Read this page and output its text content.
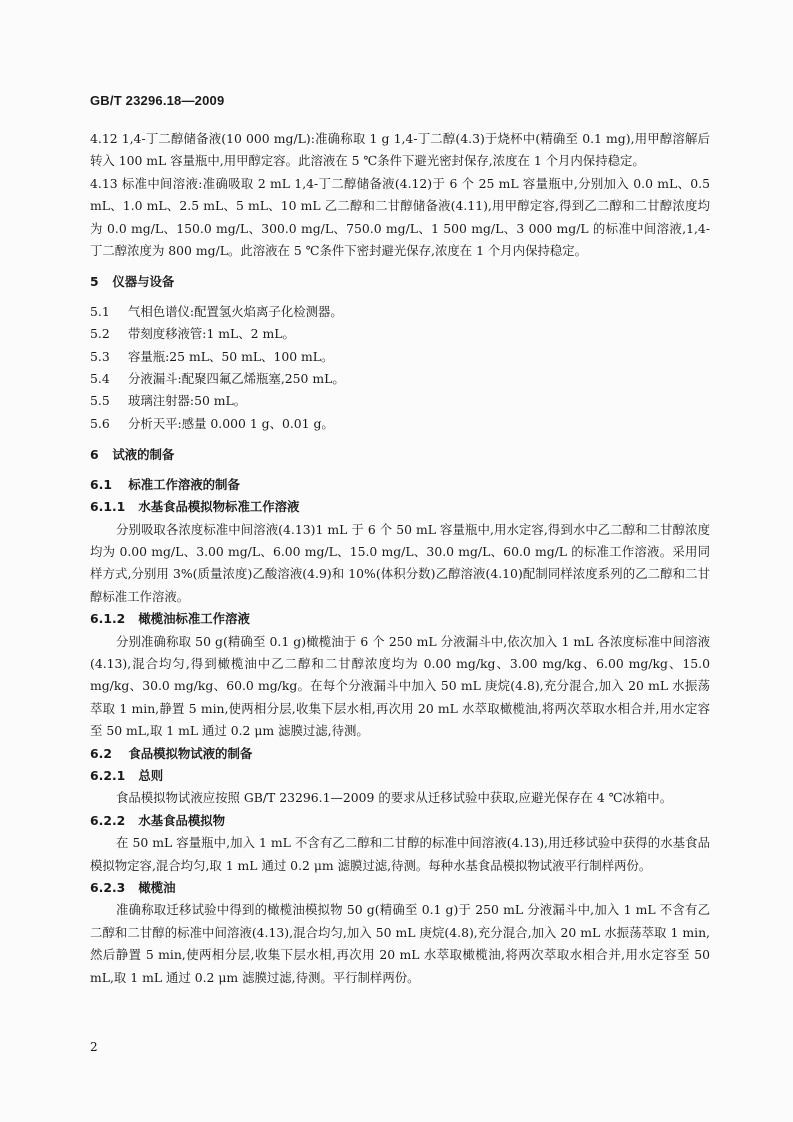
GB/T 23296.18—2009

4.12 1,4-丁二醇储备液(10 000 mg/L):准确称取 1 g 1,4-丁二醇(4.3)于烧杯中(精确至 0.1 mg),用甲醇溶解后转入 100 mL 容量瓶中,用甲醇定容。此溶液在 5 ℃条件下避光密封保存,浓度在 1 个月内保持稳定。

4.13 标准中间溶液:准确吸取 2 mL 1,4-丁二醇储备液(4.12)于 6 个 25 mL 容量瓶中,分别加入 0.0 mL、0.5 mL、1.0 mL、2.5 mL、5 mL、10 mL 乙二醇和二甘醇储备液(4.11),用甲醇定容,得到乙二醇和二甘醇浓度均为 0.0 mg/L、150.0 mg/L、300.0 mg/L、750.0 mg/L、1 500 mg/L、3 000 mg/L 的标准中间溶液,1,4-丁二醇浓度为 800 mg/L。此溶液在 5 ℃条件下密封避光保存,浓度在 1 个月内保持稳定。

5 仪器与设备

5.1 气相色谱仪:配置氢火焰离子化检测器。

5.2 带刻度移液管:1 mL、2 mL。

5.3 容量瓶:25 mL、50 mL、100 mL。

5.4 分液漏斗:配聚四氟乙烯瓶塞,250 mL。

5.5 玻璃注射器:50 mL。

5.6 分析天平:感量 0.000 1 g、0.01 g。

6 试液的制备

6.1 标准工作溶液的制备

6.1.1 水基食品模拟物标准工作溶液

分别吸取各浓度标准中间溶液(4.13)1 mL 于 6 个 50 mL 容量瓶中,用水定容,得到水中乙二醇和二甘醇浓度均为 0.00 mg/L、3.00 mg/L、6.00 mg/L、15.0 mg/L、30.0 mg/L、60.0 mg/L 的标准工作溶液。采用同样方式,分别用 3%(质量浓度)乙酸溶液(4.9)和 10%(体积分数)乙醇溶液(4.10)配制同样浓度系列的乙二醇和二甘醇标准工作溶液。

6.1.2 橄榄油标准工作溶液

分别准确称取 50 g(精确至 0.1 g)橄榄油于 6 个 250 mL 分液漏斗中,依次加入 1 mL 各浓度标准中间溶液(4.13),混合均匀,得到橄榄油中乙二醇和二甘醇浓度均为 0.00 mg/kg、3.00 mg/kg、6.00 mg/kg、15.0 mg/kg、30.0 mg/kg、60.0 mg/kg。在每个分液漏斗中加入 50 mL 庚烷(4.8),充分混合,加入 20 mL 水振荡萃取 1 min,静置 5 min,使两相分层,收集下层水相,再次用 20 mL 水萃取橄榄油,将两次萃取水相合并,用水定容至 50 mL,取 1 mL 通过 0.2 μm 滤膜过滤,待测。

6.2 食品模拟物试液的制备

6.2.1 总则

食品模拟物试液应按照 GB/T 23296.1—2009 的要求从迁移试验中获取,应避光保存在 4 ℃冰箱中。

6.2.2 水基食品模拟物

在 50 mL 容量瓶中,加入 1 mL 不含有乙二醇和二甘醇的标准中间溶液(4.13),用迁移试验中获得的水基食品模拟物定容,混合均匀,取 1 mL 通过 0.2 μm 滤膜过滤,待测。每种水基食品模拟物试液平行制样两份。

6.2.3 橄榄油

准确称取迁移试验中得到的橄榄油模拟物 50 g(精确至 0.1 g)于 250 mL 分液漏斗中,加入 1 mL 不含有乙二醇和二甘醇的标准中间溶液(4.13),混合均匀,加入 50 mL 庚烷(4.8),充分混合,加入 20 mL 水振荡萃取 1 min,然后静置 5 min,使两相分层,收集下层水相,再次用 20 mL 水萃取橄榄油,将两次萃取水相合并,用水定容至 50 mL,取 1 mL 通过 0.2 μm 滤膜过滤,待测。平行制样两份。

2
